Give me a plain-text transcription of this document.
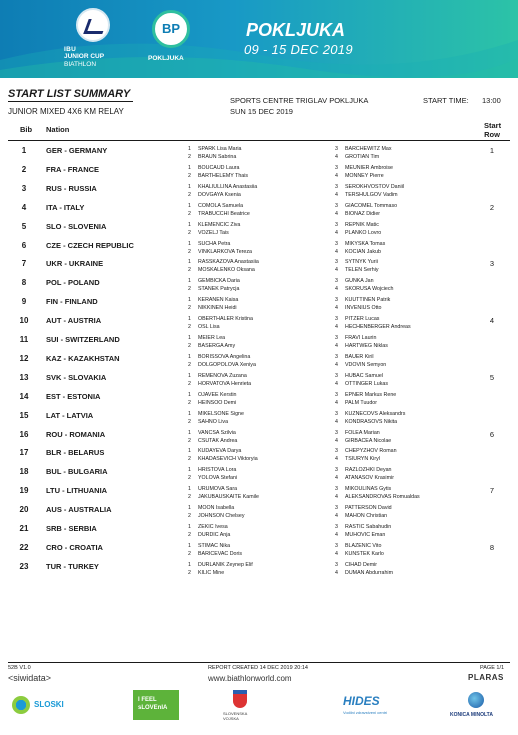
IBU
JUNIOR CUP
BIATHLON
BP
POKLJUKA
POKLJUKA
09 - 15 DEC 2019
START LIST SUMMARY
JUNIOR MIXED 4X6 KM RELAY
SPORTS CENTRE TRIGLAV POKLJUKA
SUN 15 DEC 2019
START TIME: 13:00
Bib Nation	Start Row
1	GER - GERMANY	1 SPARK Lisa Maria
2 BRAUN Sabrina
3 BARCHEWITZ Max
4 GROTIAN Tim
1
2	FRA - FRANCE	1 BOUCAUD Laura
2 BARTHELEMY Thais
3 MEUNIER Ambroise
4 MONNEY Pierre
3	RUS - RUSSIA	1 KHALIULLINA Anastasiia
2 DOVGAYA Ksenia
3 SEROKHVOSTOV Daniil
4 TERSHULGOV Vadim
4	ITA - ITALY	1 COMOLA Samuela
2 TRABUCCHI Beatrice
3 GIACOMEL Tommaso
4 BIONAZ Didier
2
5	SLO - SLOVENIA	1 KLEMENCIC Ziva
2 VOZELJ Tais
3 REPNIK Matic
4 PLANKO Lovro
6	CZE - CZECH REPUBLIC	1 SUCHA Petra
2 VINKLARKOVA Tereza
3 MIKYSKA Tomas
4 KOCIAN Jakub
7	UKR - UKRAINE	1 RASSKAZOVA Anastasiia
2 MOSKALENKO Oksana
3 SYTNYK Yurii
4 TELEN Serhiy
3
8	POL - POLAND	1 GEMBICKA Daria
2 STANEK Patrycja
3 GUNKA Jan
4 SKORUSA Wojciech
9	FIN - FINLAND	1 KERANEN Kaisa
2 NIKKINEN Heidi
3 KUUTTINEN Patrik
4 INVENIUS Otto
10	AUT - AUSTRIA	1 OBERTHALER Kristina
2 OSL Lisa
3 PITZER Lucas
4 HECHENBERGER Andreas
4
11	SUI - SWITZERLAND	1 MEIER Lea
2 BASERGA Amy
3 FRAVI Laurin
4 HARTWEG Niklas
12	KAZ - KAZAKHSTAN	1 BORISSOVA Angelina
2 DOLGOPOLOVA Xeniya
3 BAUER Kiril
4 VDOVIN Semyon
13	SVK - SLOVAKIA	1 REMENOVA Zuzana
2 HORVATOVA Henrieta
3 HUBAC Samuel
4 OTTINGER Lukas
5
14	EST - ESTONIA	1 OJAVEE Kerstin
2 HEINSOO Demi
3 EPNER Markus Rene
4 PALM Tuudor
15	LAT - LATVIA	1 MIKELSONE Signe
2 SAHNO Liva
3 KUZNECOVS Aleksandrs
4 KONDRASOVS Nikita
16	ROU - ROMANIA	1 VANCSA Szilvia
2 CSUTAK Andrea
3 FOLEA Marian
4 GIRBACEA Nicolae
6
17	BLR - BELARUS	1 KUDAYEVA Darya
2 KHADASEVICH Viktoryia
3 CHEPYZHOV Roman
4 TSIURYN Kiryl
18	BUL - BULGARIA	1 HRISTOVA Lora
2 YOLOVA Stefani
3 RAZLOZHKI Deyan
4 ATANASOV Krasimir
19	LTU - LITHUANIA	1 URUMOVA Sara
2 JAKUBAUSKAITE Kamile
3 MIKOULINAS Gytis
4 ALEKSANDROVAS Romualdas
7
20	AUS - AUSTRALIA	1 MOON Isabella
2 JOHNSON Chelsey
3 PATTERSON David
4 MAHON Christian
21	SRB - SERBIA	1 ZEKIC Ivesa
2 DURDIC Anja
3 RASTIC Sabahudin
4 MUHOVIC Eman
22	CRO - CROATIA	1 STIMAC Nika
2 BARICEVAC Doris
3 BLAZENIC Vito
4 KUNSTEK Karlo
8
23	TUR - TURKEY	1 DURLANIK Zeynep Elif
2 KILIC Mine
3 CIHAD Demir
4 DUMAN Abdurrahim
52B V1.0
<siwidata>
REPORT CREATED 14 DEC 2019 20:14
www.biathlonworld.com
PAGE 1/1
PLARAS
SLOSKI	I FEEL sLOVEnIA
SLOVENSKA VOJSKA
HIDES
Vodilni zdravstveni centri	KONICA MINOLTA
